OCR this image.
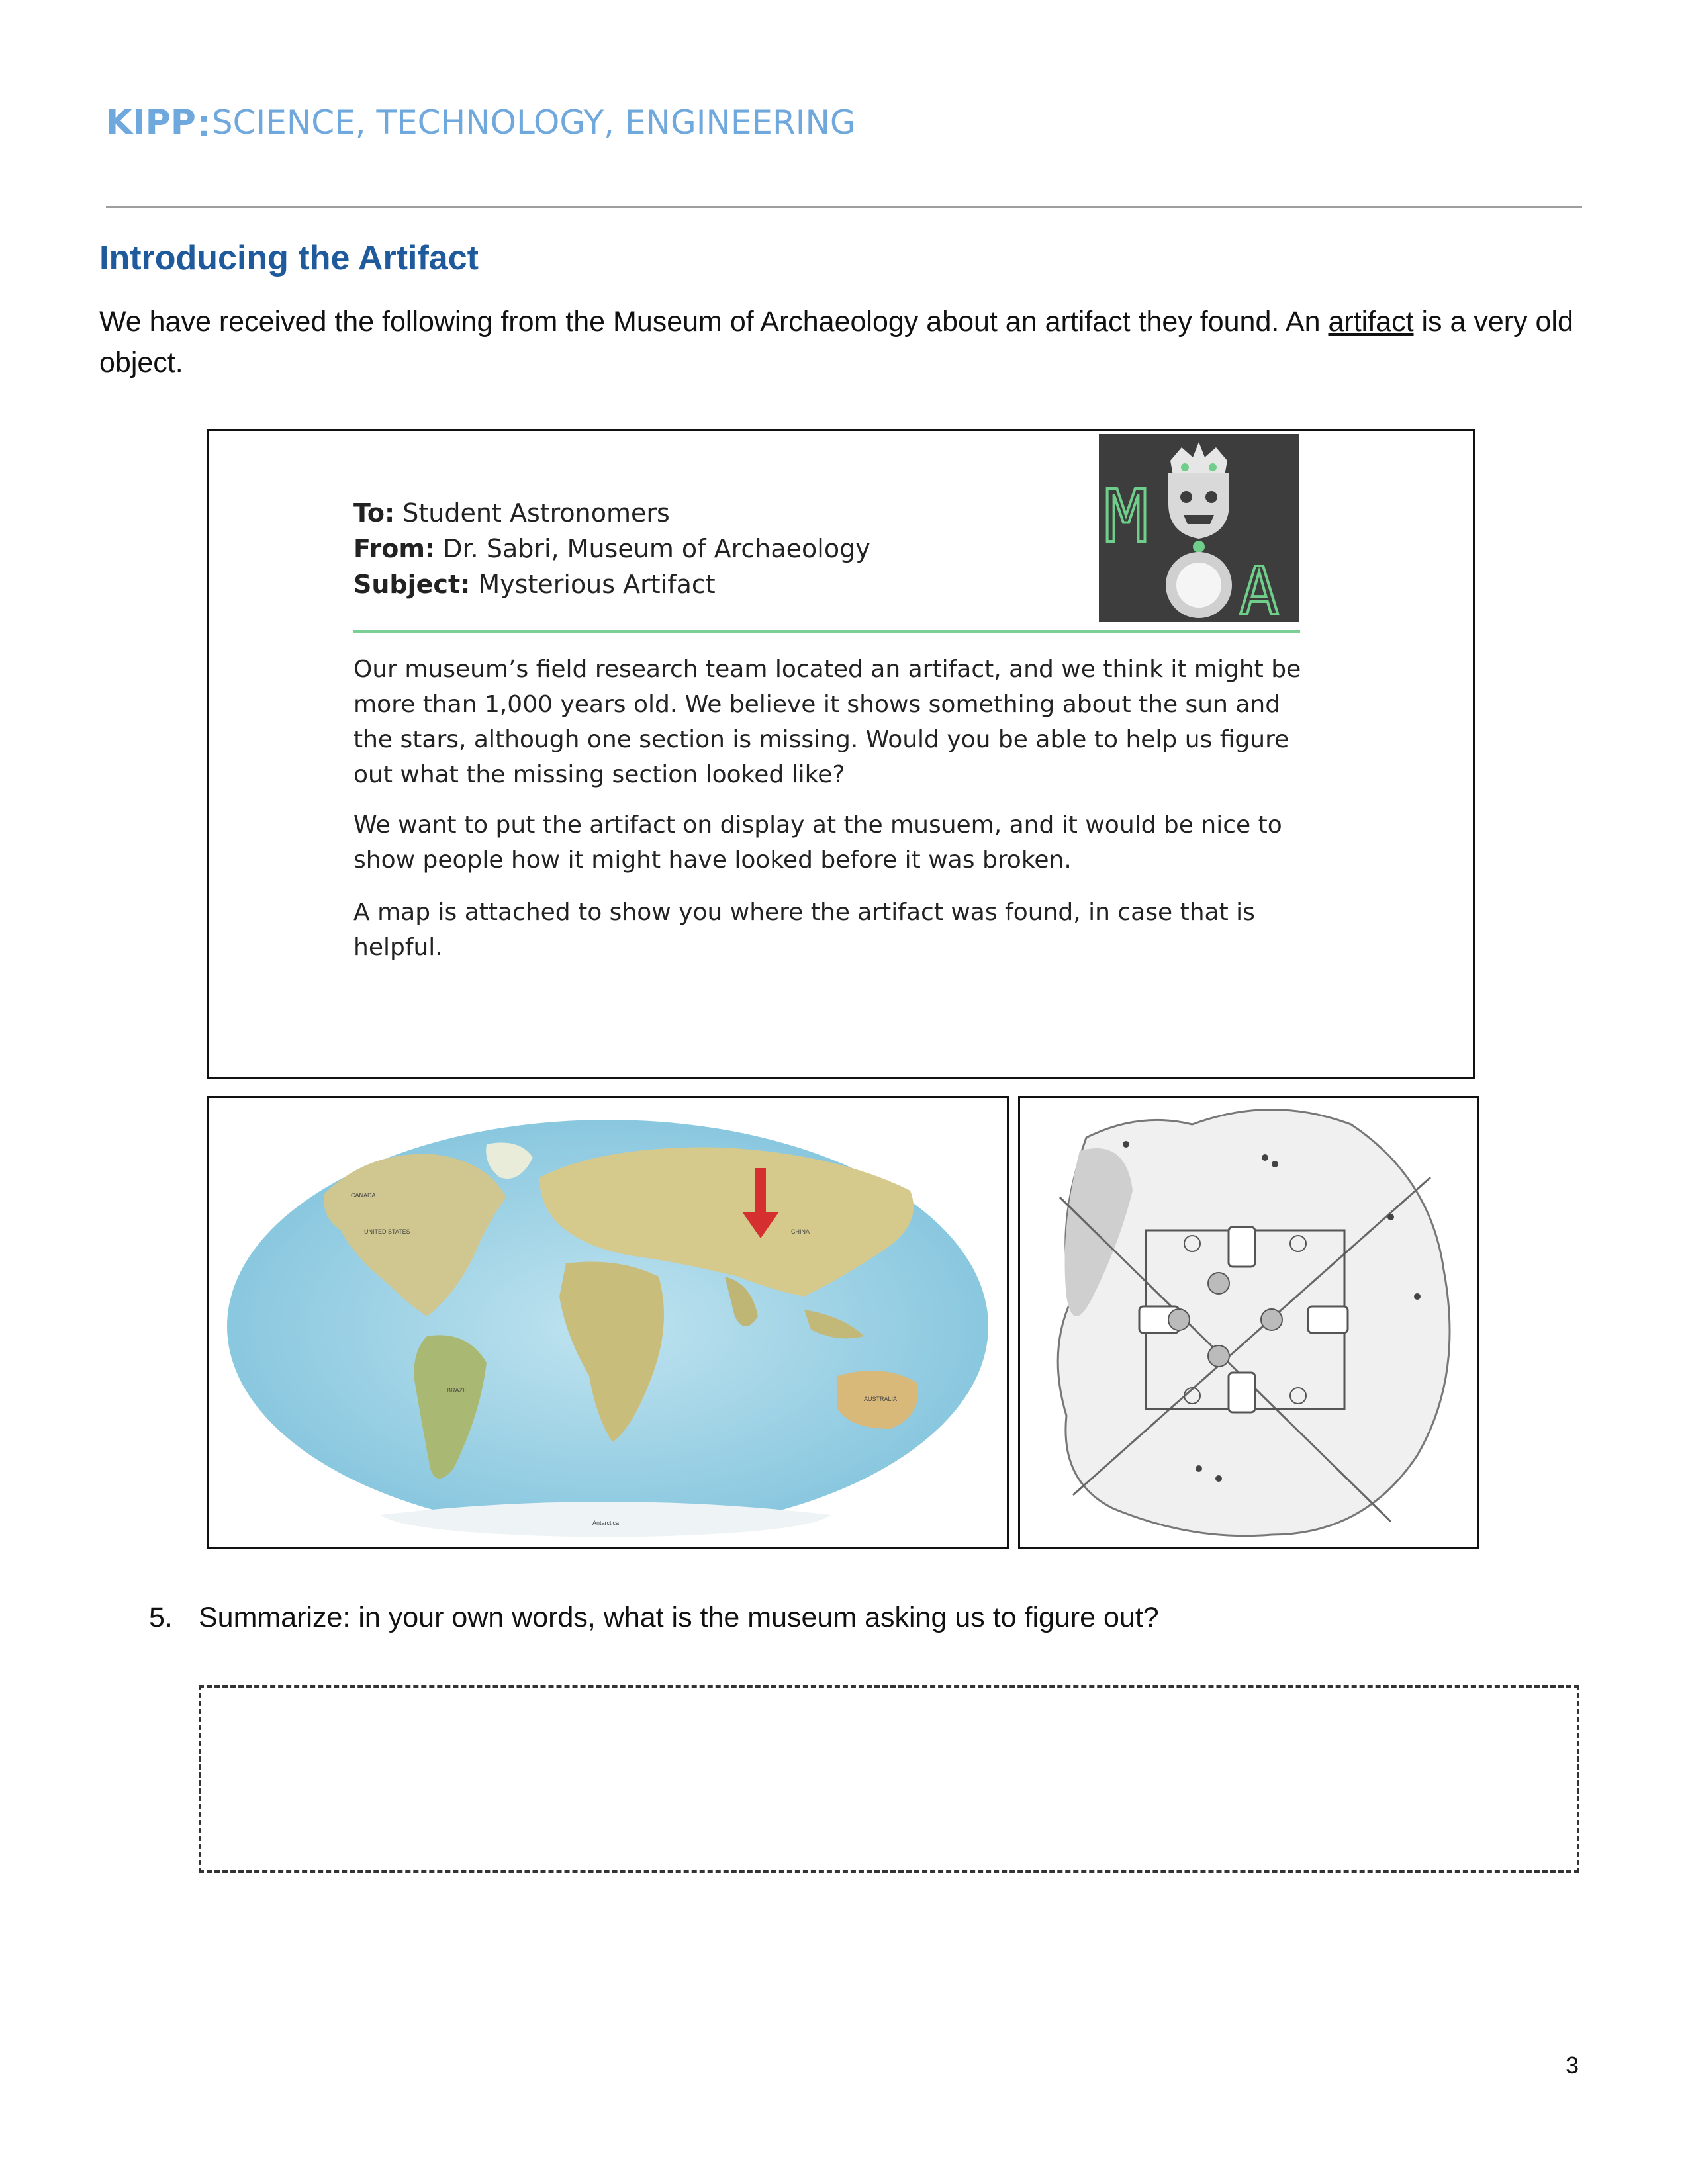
KIPP : SCIENCE, TECHNOLOGY, ENGINEERING
Introducing the Artifact
We have received the following from the Museum of Archaeology about an artifact they found. An artifact is a very old object.
To: Student Astronomers
From: Dr. Sabri, Museum of Archaeology
Subject: Mysterious Artifact
M
A
Our museum’s field research team located an artifact, and we think it might be more than 1,000 years old. We believe it shows something about the sun and the stars, although one section is missing. Would you be able to help us figure out what the missing section looked like?
We want to put the artifact on display at the musuem, and it would be nice to show people how it might have looked before it was broken.
A map is attached to show you where the artifact was found, in case that is helpful.
CANADA
UNITED STATES
BRAZIL
CHINA
AUSTRALIA
Antarctica
5. Summarize: in your own words, what is the museum asking us to figure out?
3
